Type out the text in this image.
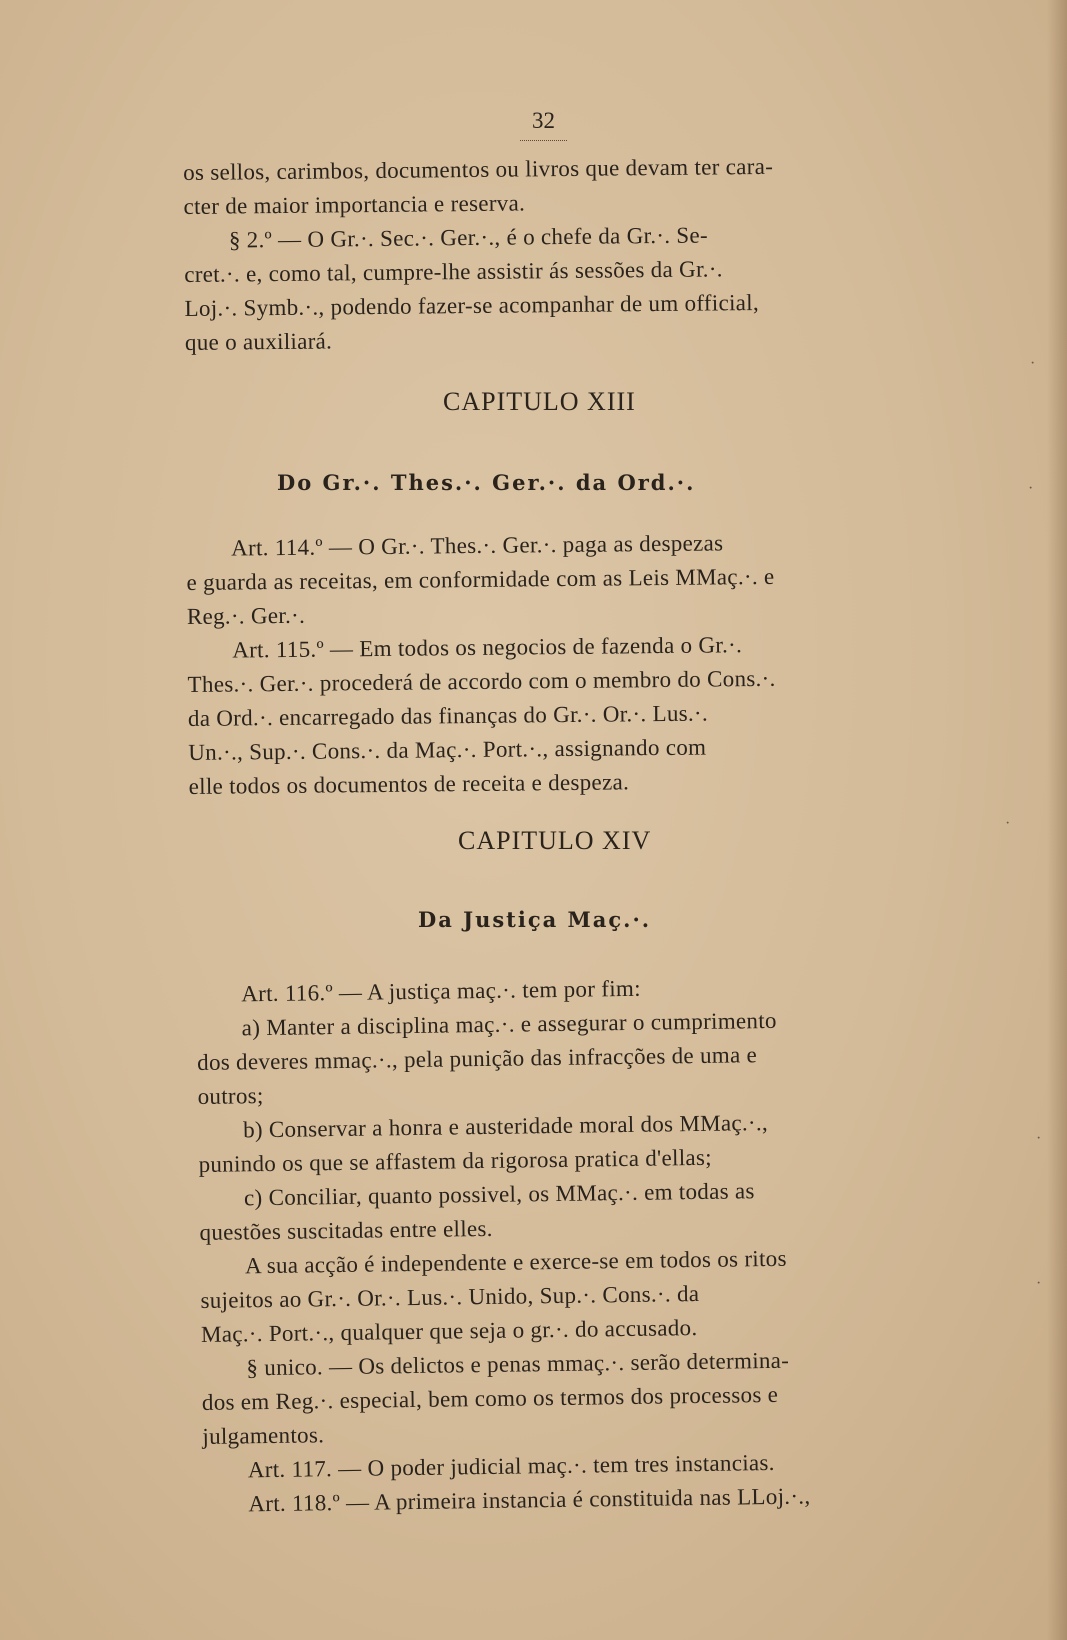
32
os sellos, carimbos, documentos ou livros que devam ter cara-
cter de maior importancia e reserva.
§ 2.º — O Gr.·. Sec.·. Ger.·., é o chefe da Gr.·. Se-
cret.·. e, como tal, cumpre-lhe assistir ás sessões da Gr.·.
Loj.·. Symb.·., podendo fazer-se acompanhar de um official,
que o auxiliará.
CAPITULO XIII
Do Gr.·. Thes.·. Ger.·. da Ord.·.
Art. 114.º — O Gr.·. Thes.·. Ger.·. paga as despezas
e guarda as receitas, em conformidade com as Leis MMaç.·. e
Reg.·. Ger.·.
Art. 115.º — Em todos os negocios de fazenda o Gr.·.
Thes.·. Ger.·. procederá de accordo com o membro do Cons.·.
da Ord.·. encarregado das finanças do Gr.·. Or.·. Lus.·.
Un.·., Sup.·. Cons.·. da Maç.·. Port.·., assignando com
elle todos os documentos de receita e despeza.
CAPITULO XIV
Da Justiça Maç.·.
Art. 116.º — A justiça maç.·. tem por fim:
a) Manter a disciplina maç.·. e assegurar o cumprimento
dos deveres mmaç.·., pela punição das infracções de uma e
outros;
b) Conservar a honra e austeridade moral dos MMaç.·.,
punindo os que se affastem da rigorosa pratica d'ellas;
c) Conciliar, quanto possivel, os MMaç.·. em todas as
questões suscitadas entre elles.
A sua acção é independente e exerce-se em todos os ritos
sujeitos ao Gr.·. Or.·. Lus.·. Unido, Sup.·. Cons.·. da
Maç.·. Port.·., qualquer que seja o gr.·. do accusado.
§ unico. — Os delictos e penas mmaç.·. serão determina-
dos em Reg.·. especial, bem como os termos dos processos e
julgamentos.
Art. 117. — O poder judicial maç.·. tem tres instancias.
Art. 118.º — A primeira instancia é constituida nas LLoj.·.,
·
·
·
·
·
